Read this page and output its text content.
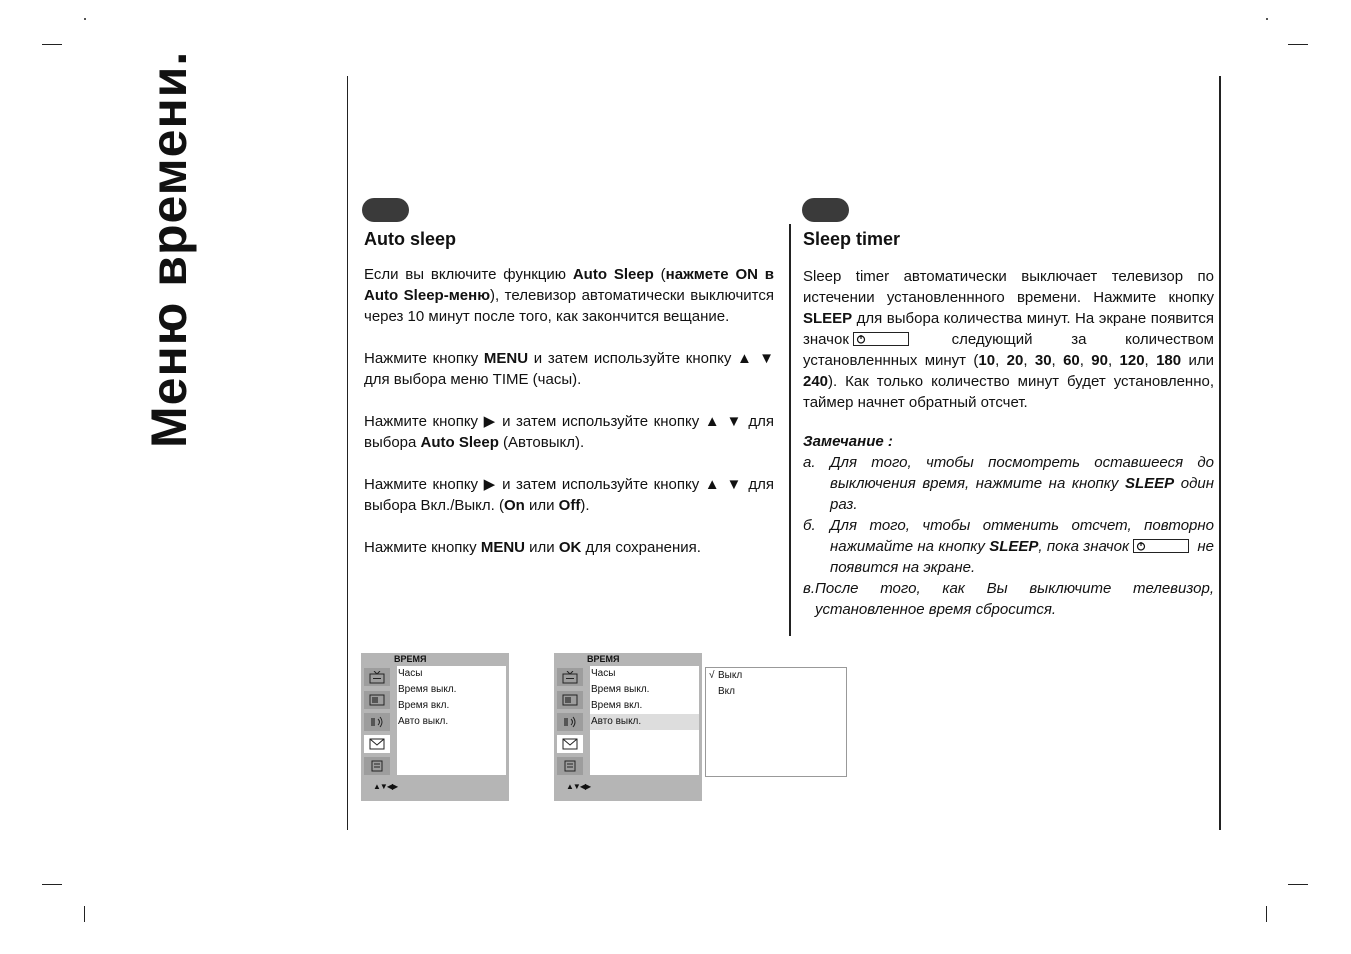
Меню времени.	Auto sleep

Если вы включите функцию Auto Sleep (нажмете ON в Auto Sleep-меню), телевизор автоматически выключится через 10 минут после того, как закончится вещание.

Нажмите кнопку MENU и затем используйте кнопку ▲ ▼ для выбора меню TIME (часы).

Нажмите кнопку ▶ и затем используйте кнопку ▲ ▼ для выбора Auto Sleep (Автовыкл).

Нажмите кнопку ▶ и затем используйте кнопку ▲ ▼ для выбора Вкл./Выкл. (On или Off).

Нажмите кнопку MENU или OK для сохранения.

Sleep timer

Sleep timer автоматически выключает телевизор по истечении установленнного времени. Нажмите кнопку SLEEP для выбора количества минут. На экране появится значок	следующий за количеством установленнных минут (10, 20, 30, 60, 90, 120, 180 или 240). Как только количество минут будет установленно, таймер начнет обратный отсчет.

Замечание :
a. Для того, чтобы посмотреть оставшееся до выключения время, нажмите на кнопку SLEEP один раз.
б. Для того, чтобы отменить отсчет, повторно нажимайте на кнопку SLEEP, пока значок	не появится на экране.
в. После того, как Вы выключите телевизор, установленное время сбросится.
ВРЕМЯ
Часы
Время выкл.
Время вкл.
Авто выкл.
▲▼◀▶
ВРЕМЯ
Часы
Время выкл.
Время вкл.
Авто выкл.
▲▼◀▶
√ Выкл
Вкл
